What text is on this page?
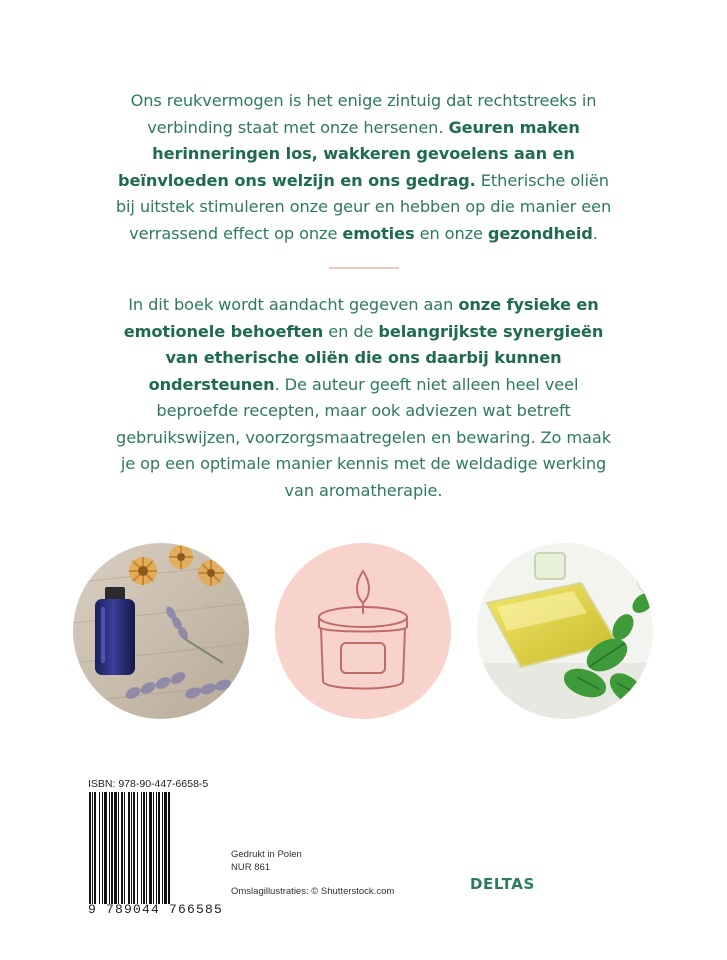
Ons reukvermogen is het enige zintuig dat rechtstreeks in verbinding staat met onze hersenen. Geuren maken herinneringen los, wakkeren gevoelens aan en beïnvloeden ons welzijn en ons gedrag. Etherische oliën bij uitstek stimuleren onze geur en hebben op die manier een verrassend effect op onze emoties en onze gezondheid.
In dit boek wordt aandacht gegeven aan onze fysieke en emotionele behoeften en de belangrijkste synergieën van etherische oliën die ons daarbij kunnen ondersteunen. De auteur geeft niet alleen heel veel beproefde recepten, maar ook adviezen wat betreft gebruikswijzen, voorzorgsmaatregelen en bewaring. Zo maak je op een optimale manier kennis met de weldadige werking van aromatherapie.
ISBN: 978-90-447-6658-5
9 789044 766585
Gedrukt in Polen
NUR 861
Omslagillustraties: © Shutterstock.com	DELTAS
